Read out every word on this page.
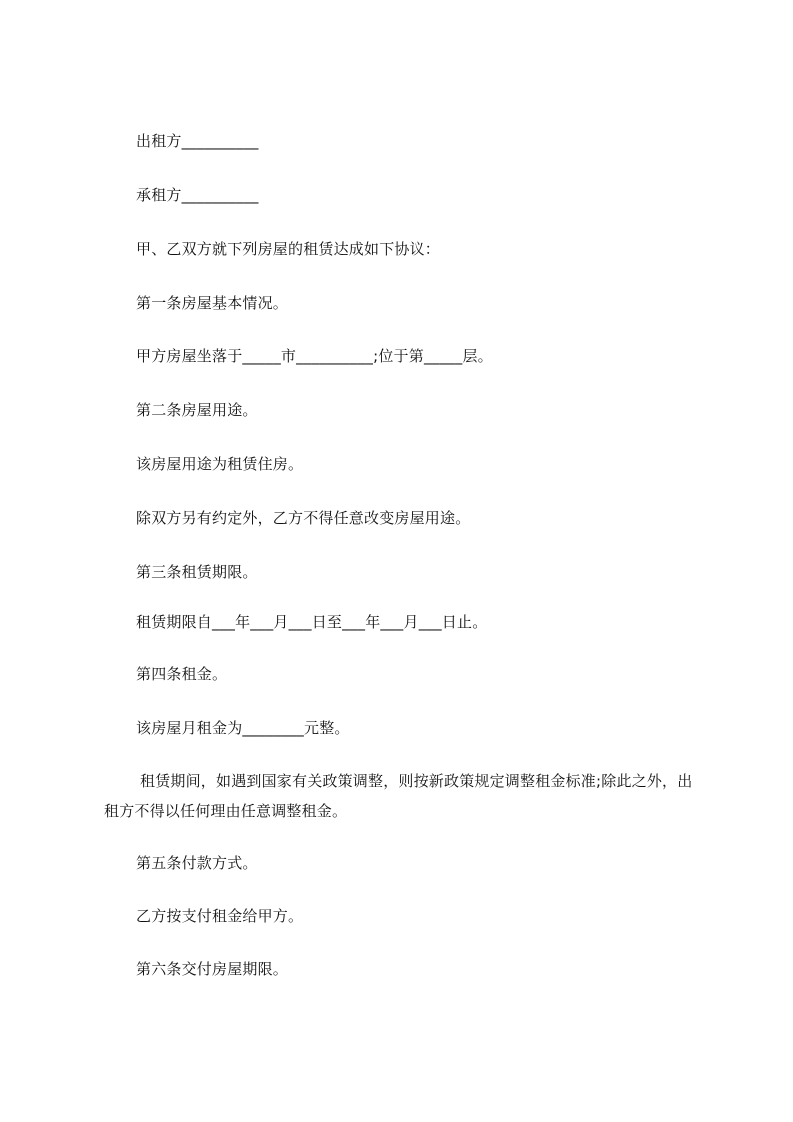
出租方__________
承租方__________
甲、乙双方就下列房屋的租赁达成如下协议：
第一条房屋基本情况。
甲方房屋坐落于_____市__________;位于第_____层。
第二条房屋用途。
该房屋用途为租赁住房。
除双方另有约定外，乙方不得任意改变房屋用途。
第三条租赁期限。
租赁期限自___年___月___日至___年___月___日止。
第四条租金。
该房屋月租金为________元整。
租赁期间，如遇到国家有关政策调整，则按新政策规定调整租金标准;除此之外，出租方不得以任何理由任意调整租金。
第五条付款方式。
乙方按支付租金给甲方。
第六条交付房屋期限。
